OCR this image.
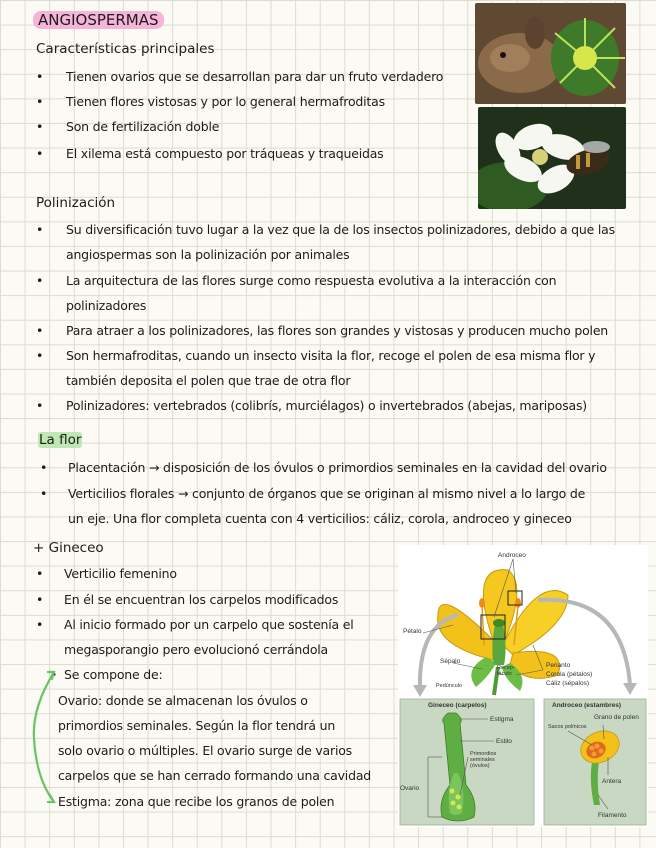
ANGIOSPERMAS
Características principales
• Tienen ovarios que se desarrollan para dar un fruto verdadero
• Tienen flores vistosas y por lo general hermafroditas
• Son de fertilización doble
• El xilema está compuesto por tráqueas y traqueidas
Polinización
• Su diversificación tuvo lugar a la vez que la de los insectos polinizadores, debido a que las
angiospermas son la polinización por animales
• La arquitectura de las flores surge como respuesta evolutiva a la interacción con
polinizadores
• Para atraer a los polinizadores, las flores son grandes y vistosas y producen mucho polen
• Son hermafroditas, cuando un insecto visita la flor, recoge el polen de esa misma flor y
también deposita el polen que trae de otra flor
• Polinizadores: vertebrados (colibrís, murciélagos) o invertebrados (abejas, mariposas)
La flor
• Placentación → disposición de los óvulos o primordios seminales en la cavidad del ovario
• Verticilios florales → conjunto de órganos que se originan al mismo nivel a lo largo de
un eje. Una flor completa cuenta con 4 verticilios: cáliz, corola, androceo y gineceo
+ Gineceo
• Verticilio femenino
• En él se encuentran los carpelos modificados
• Al inicio formado por un carpelo que sostenía el
megasporangio pero evolucionó cerrándola
• Se compone de:
Ovario: donde se almacenan los óvulos o
primordios seminales. Según la flor tendrá un
solo ovario o múltiples. El ovario surge de varios
carpelos que se han cerrado formando una cavidad
Estigma: zona que recibe los granos de polen
Androceo
Pétalo
Sépalo
Recep-táculo
Pedúnculo
Perianto
Corola (pétalos)
Cáliz (sépalos)
Gineceo (carpelos)
Estigma
Estilo
Primordios seminales (óvulos)
Ovario
Androceo (estambres)
Grano de polen
Sacos polínicos
Antera
Filamento
